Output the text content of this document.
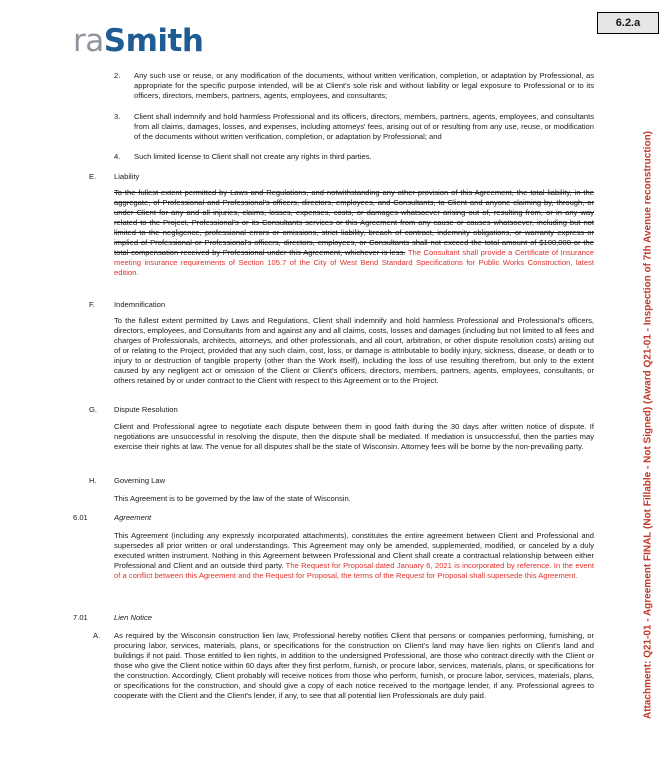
6.2.a
raSmith
Attachment: Q21-01 - Agreement FINAL (Not Fillable - Not Signed) (Award Q21-01 - Inspection of 7th Avenue reconstruction)
2. Any such use or reuse, or any modification of the documents, without written verification, completion, or adaptation by Professional, as appropriate for the specific purpose intended, will be at Client's sole risk and without liability or legal exposure to Professional or to its officers, directors, members, partners, agents, employees, and consultants;
3. Client shall indemnify and hold harmless Professional and its officers, directors, members, partners, agents, employees, and consultants from all claims, damages, losses, and expenses, including attorneys' fees, arising out of or resulting from any use, reuse, or modification of the documents without written verification, completion, or adaptation by Professional; and
4. Such limited license to Client shall not create any rights in third parties.
E. Liability
To the fullest extent permitted by Laws and Regulations, and notwithstanding any other provision of this Agreement, the total liability, in the aggregate, of Professional and Professional's officers, directors, employees, and Consultants, to Client and anyone claiming by, through, or under Client for any and all injuries, claims, losses, expenses, costs, or damages whatsoever arising out of, resulting from, or in any way related to the Project, Professional's or its Consultants services or this Agreement from any cause or causes whatsoever, including but not limited to the negligence, professional errors or omissions, strict liability, breach of contract, indemnity obligations, or warranty express or implied of Professional or Professional's officers, directors, employees, or Consultants shall not exceed the total amount of $100,000 or the total compensation received by Professional under this Agreement, whichever is less. The Consultant shall provide a Certificate of Insurance meeting insurance requirements of Section 105.7 of the City of West Bend Standard Specifications for Public Works Construction, latest edition.
F.	Indemnification
To the fullest extent permitted by Laws and Regulations, Client shall indemnify and hold harmless Professional and Professional's officers, directors, employees, and Consultants from and against any and all claims, costs, losses and damages (including but not limited to all fees and charges of Professionals, architects, attorneys, and other professionals, and all court, arbitration, or other dispute resolution costs) arising out of or relating to the Project, provided that any such claim, cost, loss, or damage is attributable to bodily injury, sickness, disease, or death or to injury to or destruction of tangible property (other than the Work itself), including the loss of use resulting therefrom, but only to the extent caused by any negligent act or omission of the Client or Client's officers, directors, members, partners, agents, employees, consultants, or others retained by or under contract to the Client with respect to this Agreement or to the Project.
G. Dispute Resolution
Client and Professional agree to negotiate each dispute between them in good faith during the 30 days after written notice of dispute. If negotiations are unsuccessful in resolving the dispute, then the dispute shall be mediated. If mediation is unsuccessful, then the parties may exercise their rights at law. The venue for all disputes shall be the state of Wisconsin. Attorney fees will be borne by the non-prevailing party.
H. Governing Law
This Agreement is to be governed by the law of the state of Wisconsin.
6.01	Agreement
This Agreement (including any expressly incorporated attachments), constitutes the entire agreement between Client and Professional and supersedes all prior written or oral understandings. This Agreement may only be amended, supplemented, modified, or canceled by a duly executed written instrument. Nothing in this Agreement between Professional and Client shall create a contractual relationship between either Professional and Client and an outside third party. The Request for Proposal dated January 6, 2021 is incorporated by reference. In the event of a conflict between this Agreement and the Request for Proposal, the terms of the Request for Proposal shall supersede this Agreement.
7.01	Lien Notice
A. As required by the Wisconsin construction lien law, Professional hereby notifies Client that persons or companies performing, furnishing, or procuring labor, services, materials, plans, or specifications for the construction on Client's land may have lien rights on Client's land and buildings if not paid. Those entitled to lien rights, in addition to the undersigned Professional, are those who contract directly with the Client or those who give the Client notice within 60 days after they first perform, furnish, or procure labor, services, materials, plans, or specifications for the construction. Accordingly, Client probably will receive notices from those who perform, furnish, or procure labor, services, materials, plans, or specifications for the construction, and should give a copy of each notice received to the mortgage lender, if any. Professional agrees to cooperate with the Client and the Client's lender, if any, to see that all potential lien Professionals are duly paid.
